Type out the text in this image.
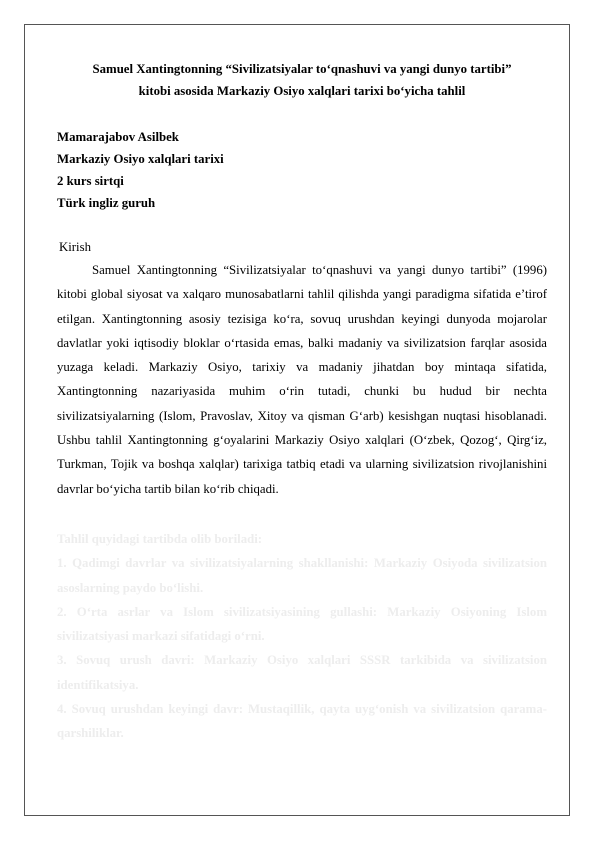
Samuel Xantingtonning “Sivilizatsiyalar to‘qnashuvi va yangi dunyo tartibi”

kitobi asosida Markaziy Osiyo xalqlari tarixi bo‘yicha tahlil

Mamarajabov Asilbek

Markaziy Osiyo xalqlari tarixi

2 kurs sirtqi

Türk ingliz guruh

Kirish

Samuel Xantingtonning “Sivilizatsiyalar to‘qnashuvi va yangi dunyo tartibi” (1996) kitobi global siyosat va xalqaro munosabatlarni tahlil qilishda yangi paradigma sifatida e’tirof etilgan. Xantingtonning asosiy tezisiga ko‘ra, sovuq urushdan keyingi dunyoda mojarolar davlatlar yoki iqtisodiy bloklar o‘rtasida emas, balki madaniy va sivilizatsion farqlar asosida yuzaga keladi. Markaziy Osiyo, tarixiy va madaniy jihatdan boy mintaqa sifatida, Xantingtonning nazariyasida muhim o‘rin tutadi, chunki bu hudud bir nechta sivilizatsiyalarning (Islom, Pravoslav, Xitoy va qisman G‘arb) kesishgan nuqtasi hisoblanadi. Ushbu tahlil Xantingtonning g‘oyalarini Markaziy Osiyo xalqlari (O‘zbek, Qozog‘, Qirg‘iz, Turkman, Tojik va boshqa xalqlar) tarixiga tatbiq etadi va ularning sivilizatsion rivojlanishini davrlar bo‘yicha tartib bilan ko‘rib chiqadi.

Tahlil quyidagi tartibda olib boriladi:

1. Qadimgi davrlar va sivilizatsiyalarning shakllanishi: Markaziy Osiyoda sivilizatsion asoslarning paydo bo‘lishi.

2. O‘rta asrlar va Islom sivilizatsiyasining gullashi: Markaziy Osiyoning Islom sivilizatsiyasi markazi sifatidagi o‘rni.

3. Sovuq urush davri: Markaziy Osiyo xalqlari SSSR tarkibida va sivilizatsion identifikatsiya.

4. Sovuq urushdan keyingi davr: Mustaqillik, qayta uyg‘onish va sivilizatsion qarama-qarshiliklar.
